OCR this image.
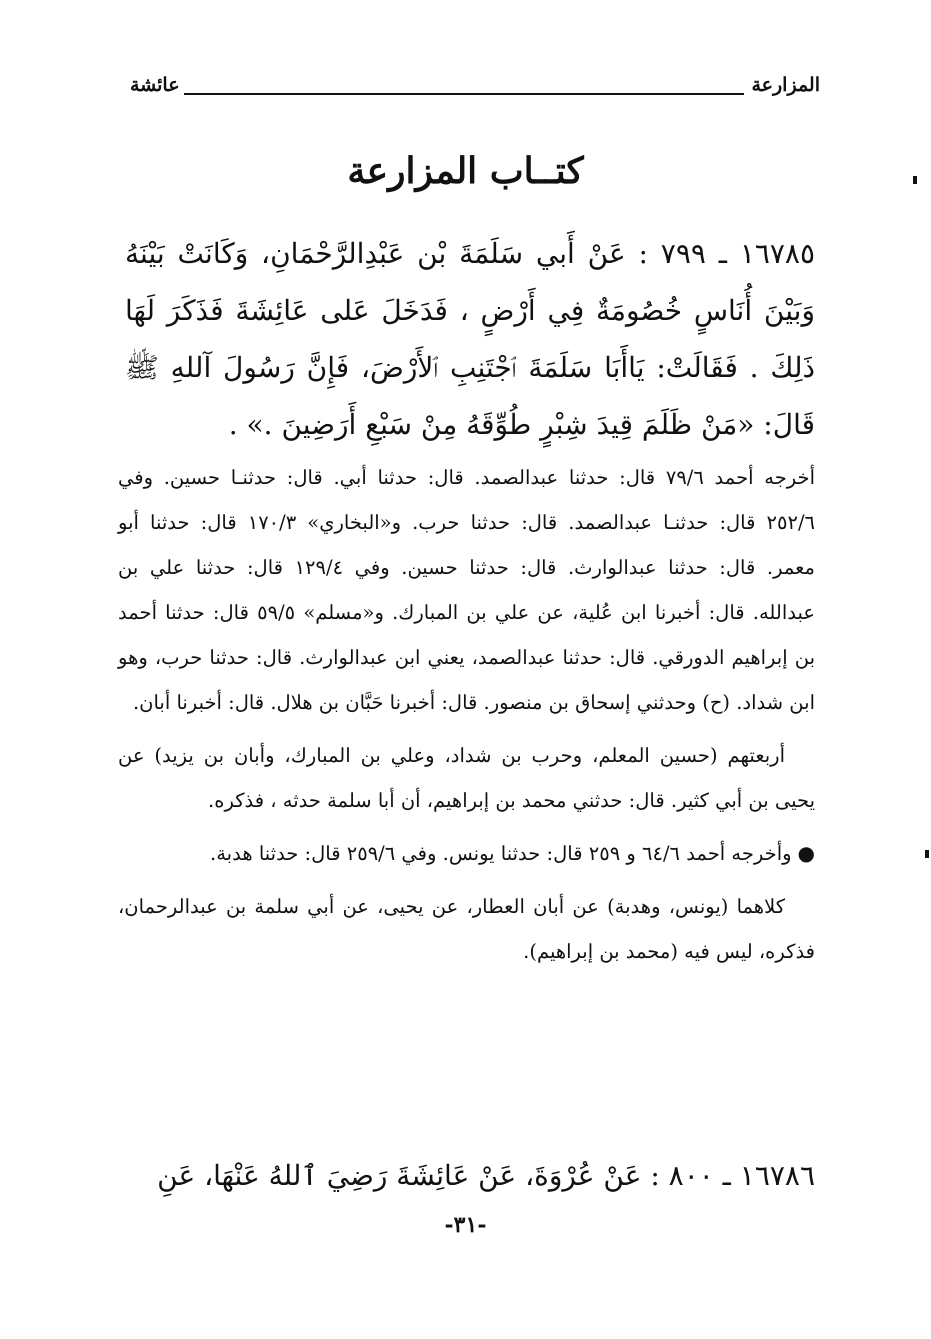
المزارعة
عائشة
كتــاب المزارعة
١٦٧٨٥ ـ ٧٩٩ : عَنْ أَبي سَلَمَةَ بْن عَبْدِالرَّحْمَانِ، وَكَانَتْ بَيْنَهُ وَبَيْنَ أُنَاسٍ خُصُومَةٌ فِي أَرْضٍ ، فَدَخَلَ عَلى عَائِشَةَ فَذَكَرَ لَهَا ذَلِكَ . فَقَالَتْ: يَاأَبَا سَلَمَةَ ٱجْتَنِبِ ٱلأَرْضَ، فَإِنَّ رَسُولَ آللهِ ﷺ قَالَ: «مَنْ ظَلَمَ قِيدَ شِبْرٍ طُوِّقَهُ مِنْ سَبْعِ أَرَضِينَ .» .

أخرجه أحمد ٧٩/٦ قال: حدثنا عبدالصمد. قال: حدثنا أبي. قال: حدثنـا حسين. وفي ٢٥٢/٦ قال: حدثنـا عبدالصمد. قال: حدثنا حرب. و«البخاري» ١٧٠/٣ قال: حدثنا أبو معمر. قال: حدثنا عبدالوارث. قال: حدثنا حسين. وفي ١٢٩/٤ قال: حدثنا علي بن عبدالله. قال: أخبرنا ابن عُلية، عن علي بن المبارك. و«مسلم» ٥٩/٥ قال: حدثنا أحمد بن إبراهيم الدورقي. قال: حدثنا عبدالصمد، يعني ابن عبدالوارث. قال: حدثنا حرب، وهو ابن شداد. (ح) وحدثني إسحاق بن منصور. قال: أخبرنا حَبَّان بن هلال. قال: أخبرنا أبان.

أربعتهم (حسين المعلم، وحرب بن شداد، وعلي بن المبارك، وأبان بن يزيد) عن يحيى بن أبي كثير. قال: حدثني محمد بن إبراهيم، أن أبا سلمة حدثه ، فذكره.

●وأخرجه أحمد ٦٤/٦ و ٢٥٩ قال: حدثنا يونس. وفي ٢٥٩/٦ قال: حدثنا هدبة.

كلاهما (يونس، وهدبة) عن أبان العطار، عن يحيى، عن أبي سلمة بن عبدالرحمان، فذكره، ليس فيه (محمد بن إبراهيم).

١٦٧٨٦ ـ ٨٠٠ : عَنْ عُرْوَةَ، عَنْ عَائِشَةَ رَضِيَ ٱللهُ عَنْهَا، عَنِ
-٣١-
